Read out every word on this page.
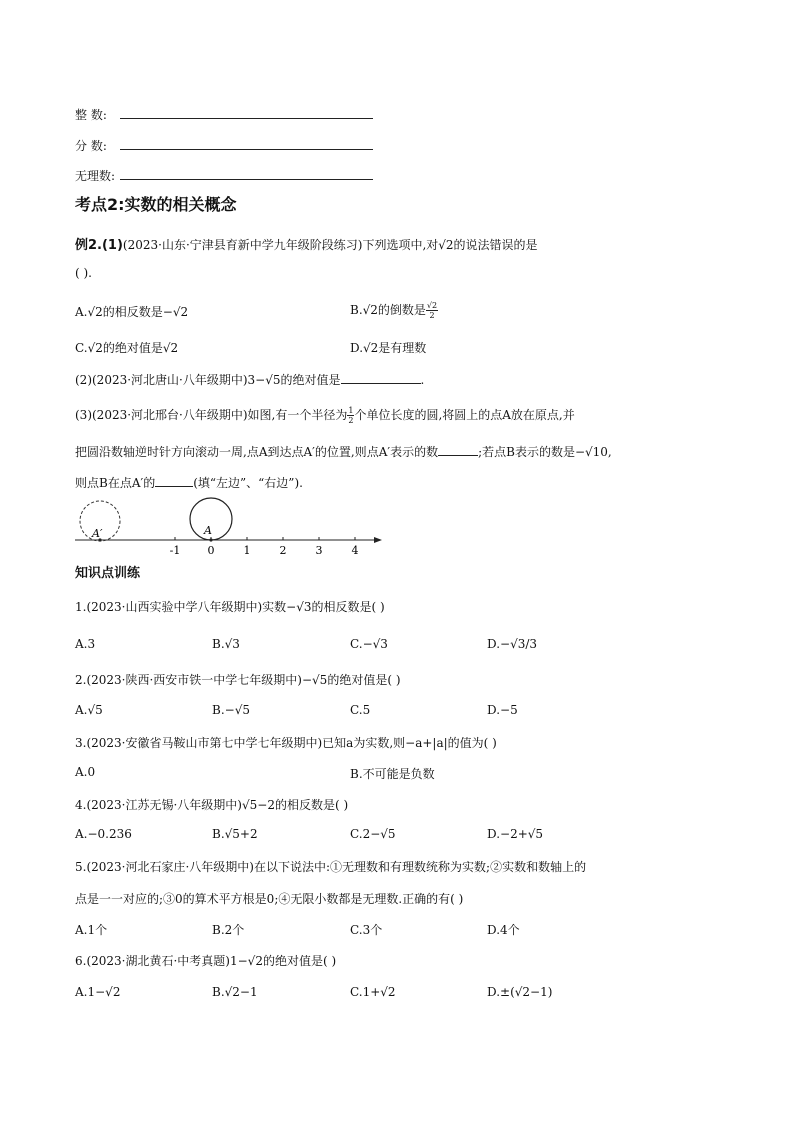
整 数:
分 数:
无理数:
考点2:实数的相关概念
例2.(1)(2023·山东·宁津县育新中学九年级阶段练习)下列选项中,对√2的说法错误的是
( ).
A.√2的相反数是−√2	B.√2的倒数是 $\frac{√2}{2}$
C.√2的绝对值是√2	D.√2是有理数
(2)(2023·河北唐山·八年级期中)3−√5的绝对值是	.
(3)(2023·河北邢台·八年级期中)如图,有一个半径为 $\frac{1}{2}$ 个单位长度的圆,将圆上的点A放在原点,并
把圆沿数轴逆时针方向滚动一周,点A到达点A′的位置,则点A′表示的数	;若点B表示的数是−√10,
则点B在点A′的	(填“左边”、“右边”).
A′	A
-1 0	1	2	3	4
知识点训练
1.(2023·山西实验中学八年级期中)实数−√3的相反数是( )
A.3	B.√3	C.−√3	D.−√3/3
2.(2023·陕西·西安市铁一中学七年级期中)−√5的绝对值是( )
A.√5	B.−√5	C.5	D.−5
3.(2023·安徽省马鞍山市第七中学七年级期中)已知a为实数,则−a+|a|的值为( )
A.0	B.不可能是负数
4.(2023·江苏无锡·八年级期中)√5−2的相反数是( )
A.−0.236	B.√5+2	C.2−√5	D.−2+√5
5.(2023·河北石家庄·八年级期中)在以下说法中:①无理数和有理数统称为实数;②实数和数轴上的
点是一一对应的;③0的算术平方根是0;④无限小数都是无理数.正确的有( )
A.1个	B.2个	C.3个	D.4个
6.(2023·湖北黄石·中考真题)1−√2的绝对值是( )
A.1−√2	B.√2−1	C.1+√2	D.±(√2−1)
